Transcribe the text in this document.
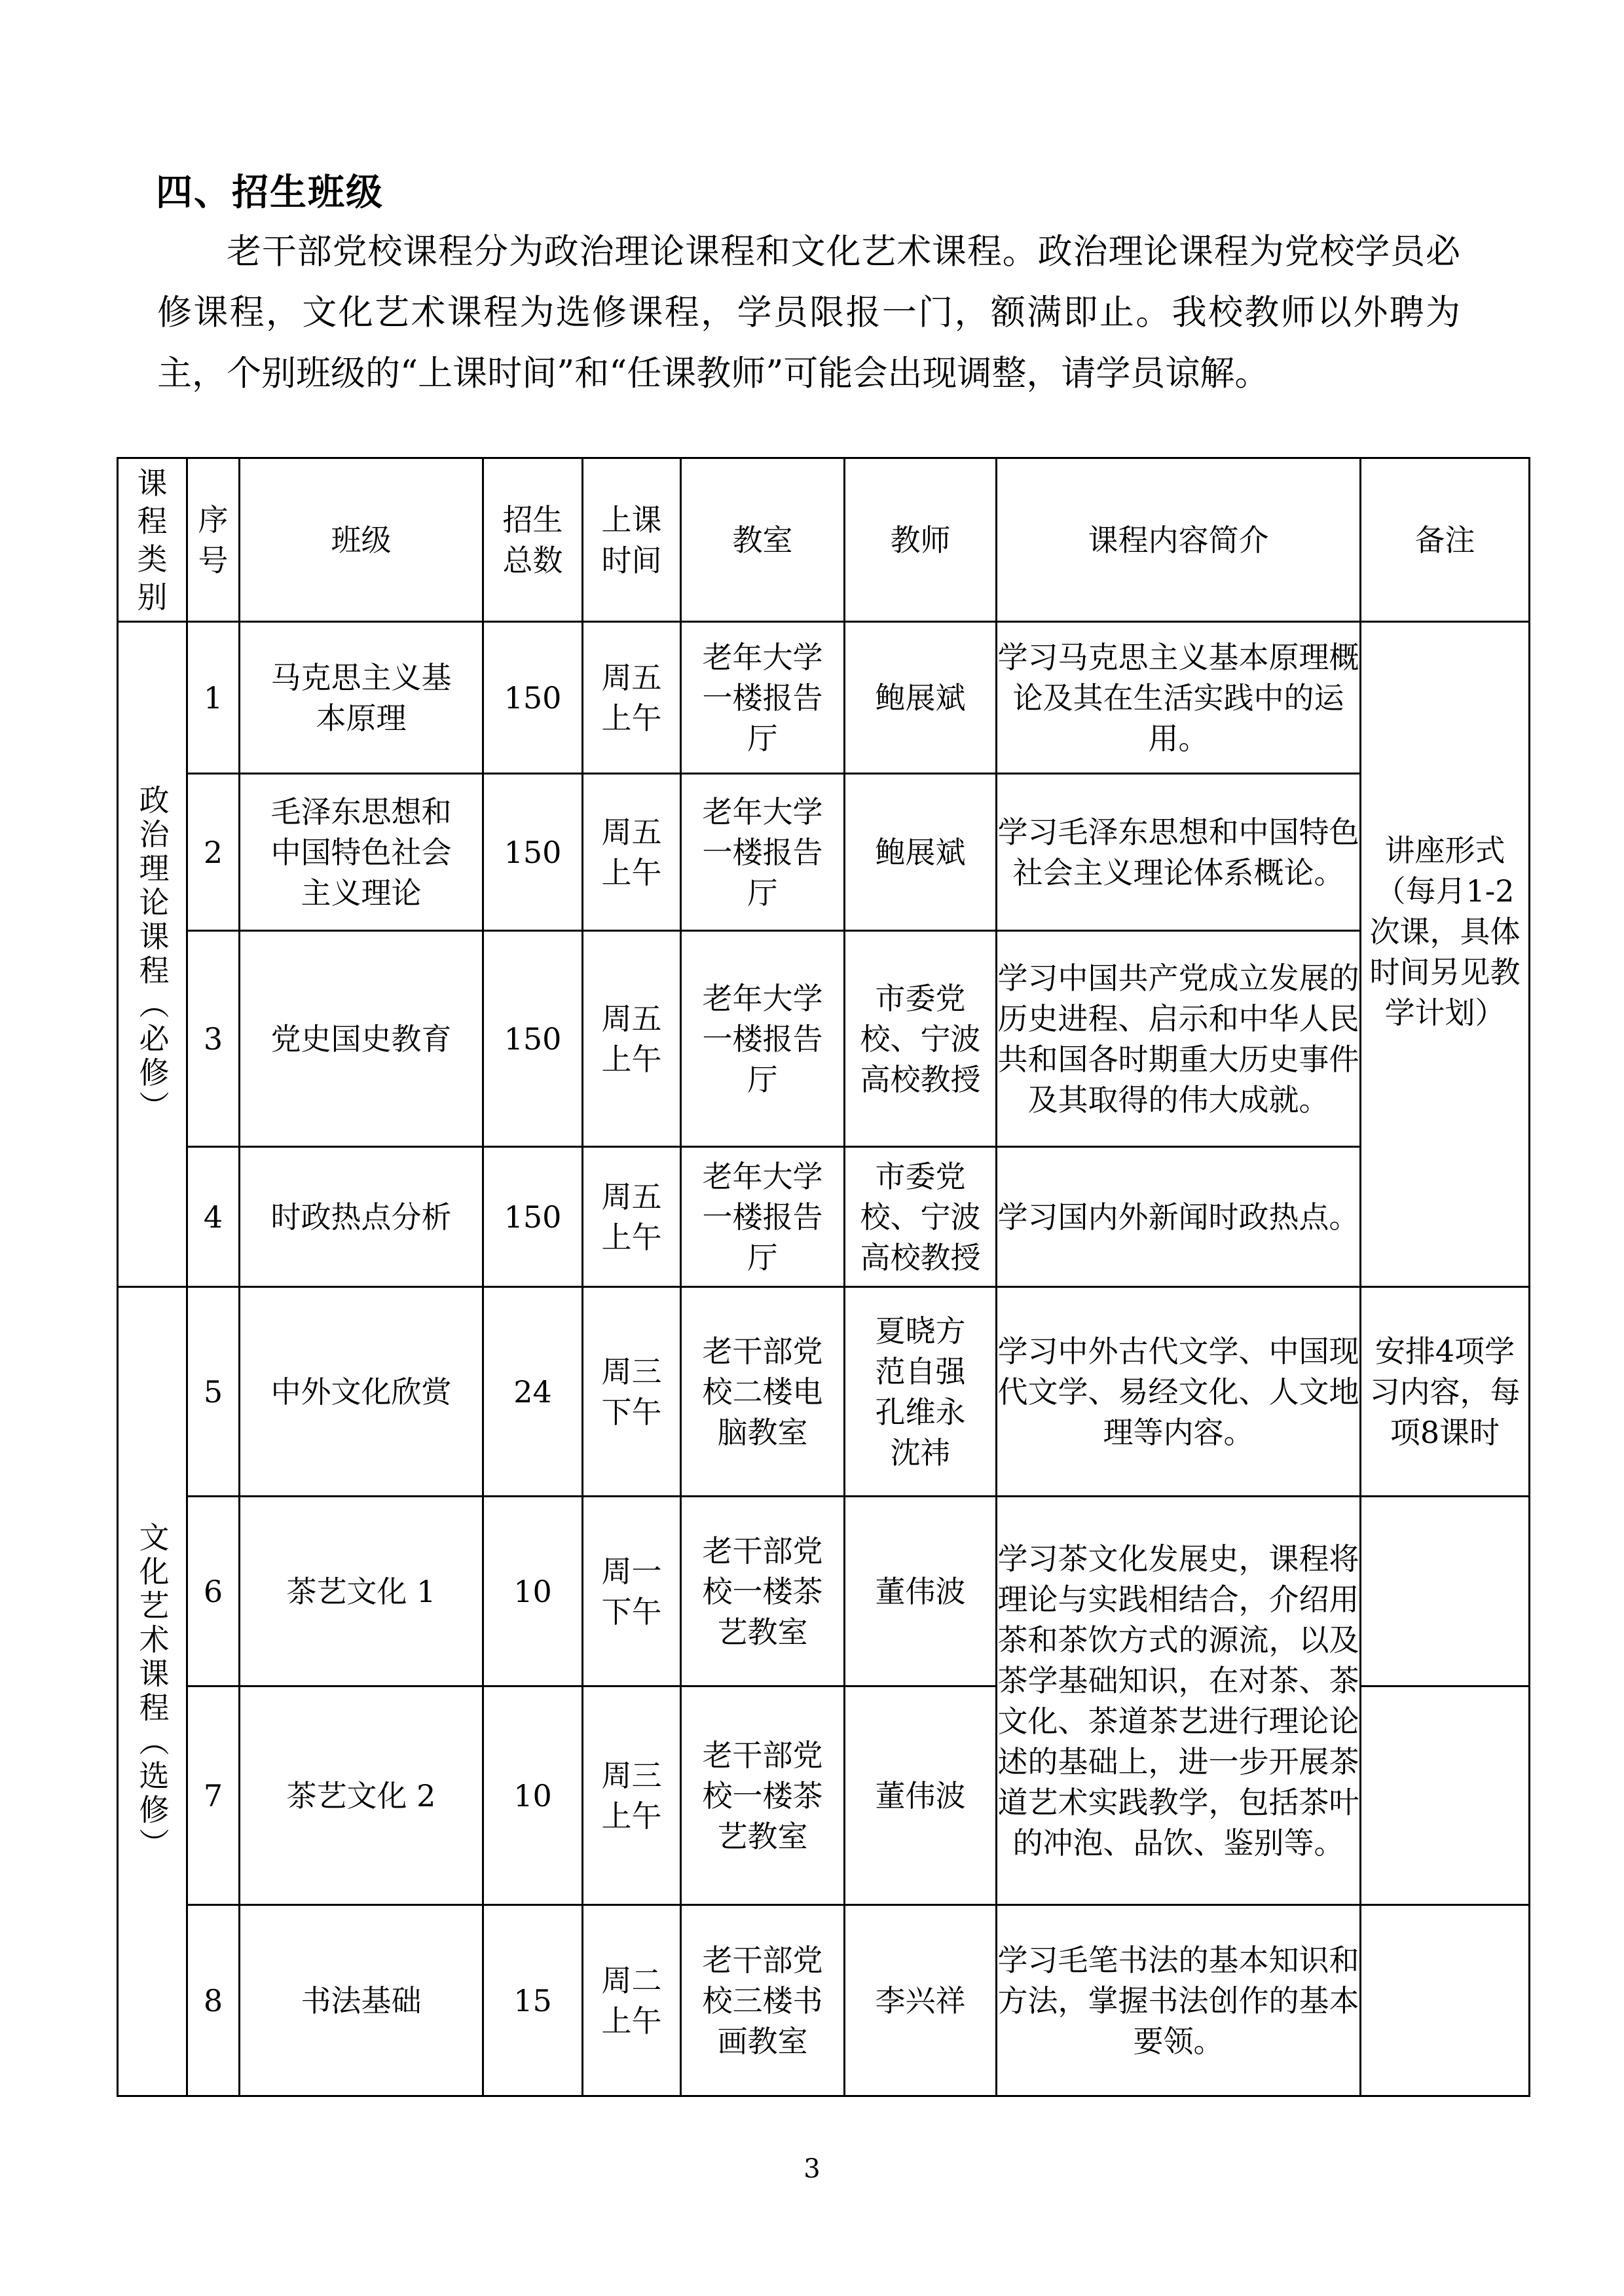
四、招生班级

老干部党校课程分为政治理论课程和文化艺术课程。政治理论课程为党校学员必修课程，文化艺术课程为选修课程，学员限报一门，额满即止。我校教师以外聘为主，个别班级的“上课时间”和“任课教师”可能会出现调整，请学员谅解。

课程类别	序号	班级	招生总数	上课时间	教室	教师	课程内容简介	备注

政治理论课程（必修）	1	马克思主义基本原理	150	周五上午	老年大学一楼报告厅	鲍展斌	学习马克思主义基本原理概论及其在生活实践中的运用。	讲座形式（每月1-2次课，具体时间另见教学计划）

	2	毛泽东思想和中国特色社会主义理论	150	周五上午	老年大学一楼报告厅	鲍展斌	学习毛泽东思想和中国特色社会主义理论体系概论。	
	3	党史国史教育	150	周五上午	老年大学一楼报告厅	市委党校、宁波高校教授	学习中国共产党成立发展的历史进程、启示和中华人民共和国各时期重大历史事件及其取得的伟大成就。	
	4	时政热点分析	150	周五上午	老年大学一楼报告厅	市委党校、宁波高校教授	学习国内外新闻时政热点。	

文化艺术课程（选修）	5	中外文化欣赏	24	周三下午	老干部党校二楼电脑教室	夏晓方 范自强 孔维永 沈祎	学习中外古代文学、中国现代文学、易经文化、人文地理等内容。	安排4项学习内容，每项8课时
	6	茶艺文化 1	10	周一下午	老干部党校一楼茶艺教室	董伟波	学习茶文化发展史，课程将理论与实践相结合，介绍用茶和茶饮方式的源流，以及茶学基础知识，在对茶、茶文化、茶道茶艺进行理论论述的基础上，进一步开展茶道艺术实践教学，包括茶叶的冲泡、品饮、鉴别等。	
	7	茶艺文化 2	10	周三上午	老干部党校一楼茶艺教室	董伟波		
	8	书法基础	15	周二上午	老干部党校三楼书画教室	李兴祥	学习毛笔书法的基本知识和方法，掌握书法创作的基本要领。	
3
